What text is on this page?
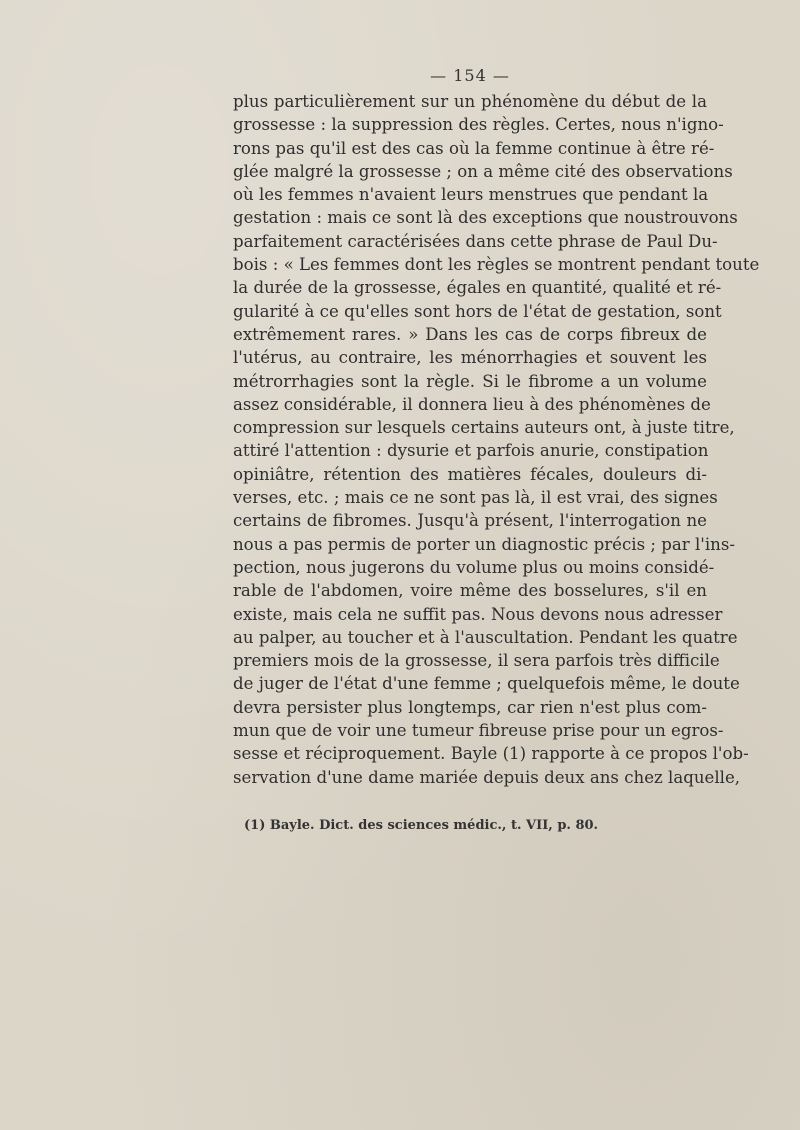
— 154 —
plus particulièrement sur un phénomène du début de la
grossesse : la suppression des règles. Certes, nous n'igno-
rons pas qu'il est des cas où la femme continue à être ré-
glée malgré la grossesse ; on a même cité des observations
où les femmes n'avaient leurs menstrues que pendant la
gestation : mais ce sont là des exceptions que noustrouvons
parfaitement caractérisées dans cette phrase de Paul Du-
bois : « Les femmes dont les règles se montrent pendant toute
la durée de la grossesse, égales en quantité, qualité et ré-
gularité à ce qu'elles sont hors de l'état de gestation, sont
extrêmement rares. » Dans les cas de corps fibreux de
l'utérus, au contraire, les ménorrhagies et souvent les
métrorrhagies sont la règle. Si le fibrome a un volume
assez considérable, il donnera lieu à des phénomènes de
compression sur lesquels certains auteurs ont, à juste titre,
attiré l'attention : dysurie et parfois anurie, constipation
opiniâtre, rétention des matières fécales, douleurs di-
verses, etc. ; mais ce ne sont pas là, il est vrai, des signes
certains de fibromes. Jusqu'à présent, l'interrogation ne
nous a pas permis de porter un diagnostic précis ; par l'ins-
pection, nous jugerons du volume plus ou moins considé-
rable de l'abdomen, voire même des bosselures, s'il en
existe, mais cela ne suffit pas. Nous devons nous adresser
au palper, au toucher et à l'auscultation. Pendant les quatre
premiers mois de la grossesse, il sera parfois très difficile
de juger de l'état d'une femme ; quelquefois même, le doute
devra persister plus longtemps, car rien n'est plus com-
mun que de voir une tumeur fibreuse prise pour un egros-
sesse et réciproquement. Bayle (1) rapporte à ce propos l'ob-
servation d'une dame mariée depuis deux ans chez laquelle,
(1) Bayle. Dict. des sciences médic., t. VII, p. 80.
